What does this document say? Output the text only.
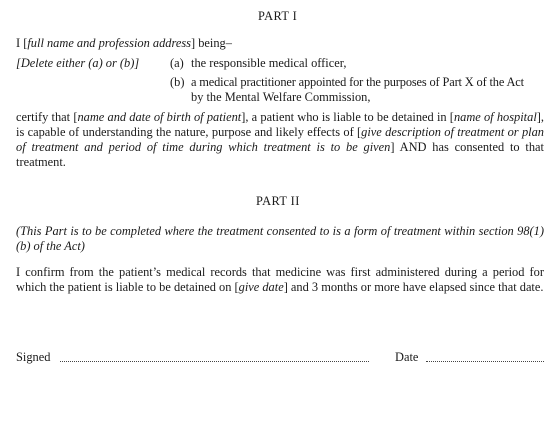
PART I
I [full name and profession address] being–
[Delete either (a) or (b)]	(a) the responsible medical officer,
(b) a medical practitioner appointed for the purposes of Part X of the Act
by the Mental Welfare Commission,
certify that [name and date of birth of patient], a patient who is liable to be detained in [name of hospital], is capable of understanding the nature, purpose and likely effects of [give description of treatment or plan of treatment and period of time during which treatment is to be given] AND has consented to that treatment.
PART II
(This Part is to be completed where the treatment consented to is a form of treatment within section 98(1)(b) of the Act)
I confirm from the patient’s medical records that medicine was first administered during a period for which the patient is liable to be detained on [give date] and 3 months or more have elapsed since that date.
Signed	Date
